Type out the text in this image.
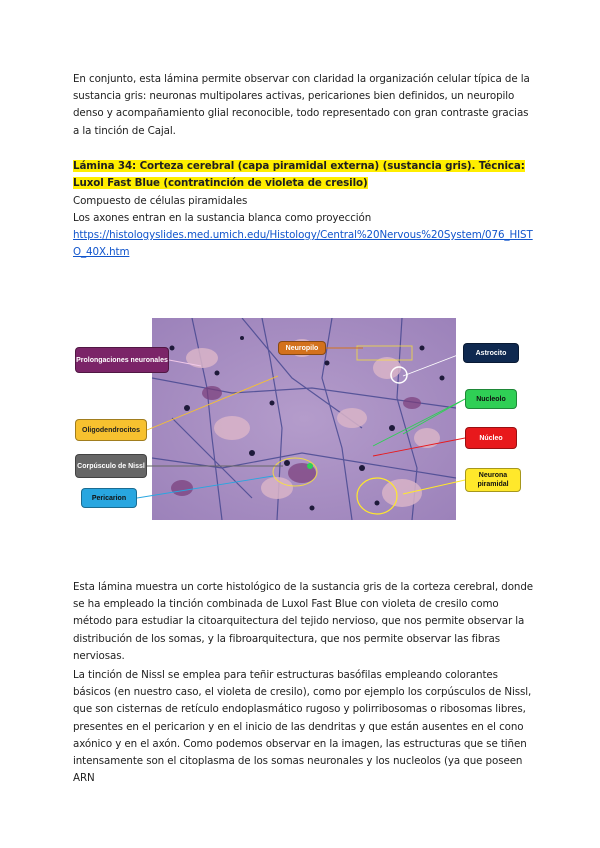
En conjunto, esta lámina permite observar con claridad la organización celular típica de la sustancia gris: neuronas multipolares activas, pericariones bien definidos, un neuropilo denso y acompañamiento glial reconocible, todo representado con gran contraste gracias a la tinción de Cajal.
Lámina 34: Corteza cerebral (capa piramidal externa) (sustancia gris). Técnica: Luxol Fast Blue (contratinción de violeta de cresilo)
Compuesto de células piramidales
Los axones entran en la sustancia blanca como proyección
https://histologyslides.med.umich.edu/Histology/Central%20Nervous%20System/076_HISTO_40X.htm
Prolongaciones neuronales
Oligodendrocitos
Corpúsculo de Nissl
Pericarion
Neuropilo
Astrocito
Nucleolo
Núcleo
Neurona piramidal
Esta lámina muestra un corte histológico de la sustancia gris de la corteza cerebral, donde se ha empleado la tinción combinada de Luxol Fast Blue con violeta de cresilo como método para estudiar la citoarquitectura del tejido nervioso, que nos permite observar la distribución de los somas, y la fibroarquitectura, que nos permite observar las fibras nerviosas.
La tinción de Nissl se emplea para teñir estructuras basófilas empleando colorantes básicos (en nuestro caso, el violeta de cresilo), como por ejemplo los corpúsculos de Nissl, que son cisternas de retículo endoplasmático rugoso y polirribosomas o ribosomas libres, presentes en el pericarion y en el inicio de las dendritas y que están ausentes en el cono axónico y en el axón. Como podemos observar en la imagen, las estructuras que se tiñen intensamente son el citoplasma de los somas neuronales y los nucleolos (ya que poseen ARN
